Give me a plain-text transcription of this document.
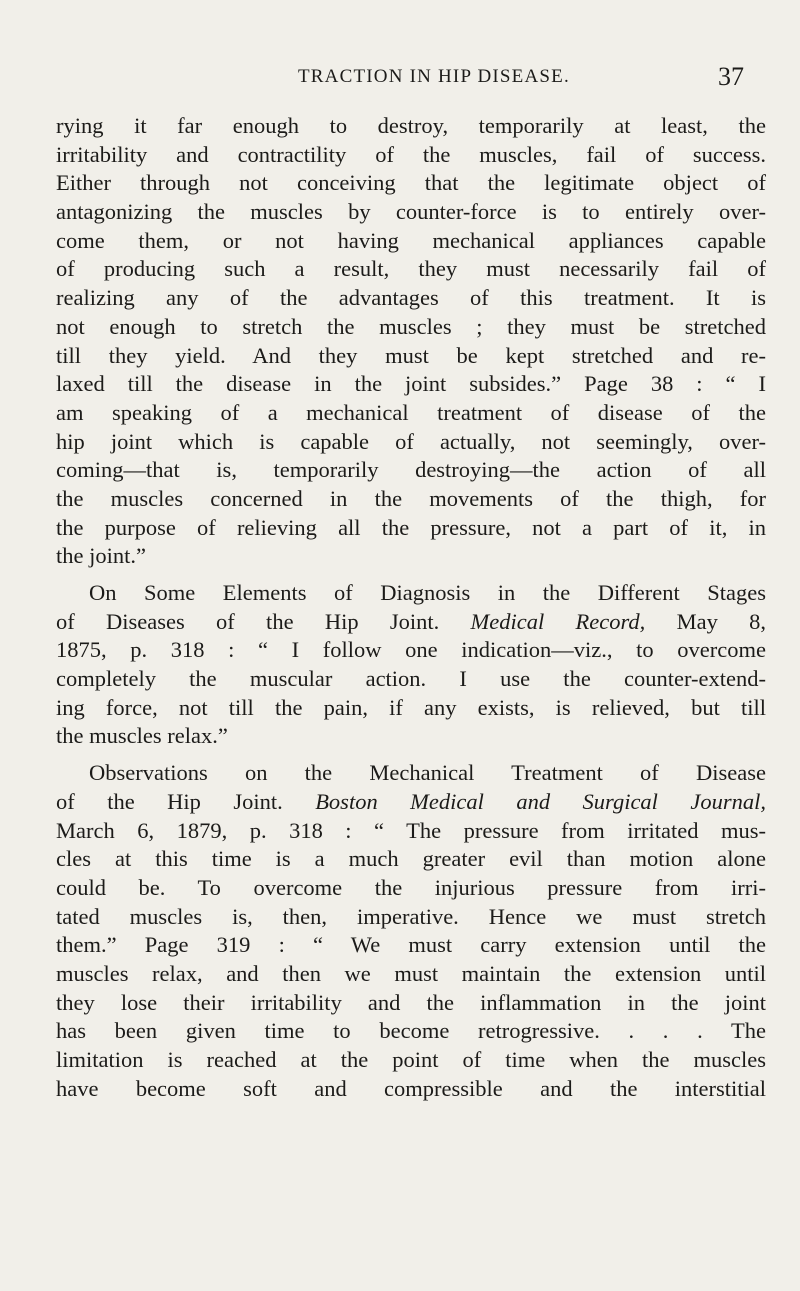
TRACTION IN HIP DISEASE.	37
rying it far enough to destroy, temporarily at least, the
irritability and contractility of the muscles, fail of success.
Either through not conceiving that the legitimate object of
antagonizing the muscles by counter-force is to entirely over-
come them, or not having mechanical appliances capable
of producing such a result, they must necessarily fail of
realizing any of the advantages of this treatment. It is
not enough to stretch the muscles ; they must be stretched
till they yield. And they must be kept stretched and re-
laxed till the disease in the joint subsides.” Page 38 : “ I
am speaking of a mechanical treatment of disease of the
hip joint which is capable of actually, not seemingly, over-
coming—that is, temporarily destroying—the action of all
the muscles concerned in the movements of the thigh, for
the purpose of relieving all the pressure, not a part of it, in
the joint.”
On Some Elements of Diagnosis in the Different Stages
of Diseases of the Hip Joint. Medical Record, May 8,
1875, p. 318 : “ I follow one indication—viz., to overcome
completely the muscular action. I use the counter-extend-
ing force, not till the pain, if any exists, is relieved, but till
the muscles relax.”
Observations on the Mechanical Treatment of Disease
of the Hip Joint. Boston Medical and Surgical Journal,
March 6, 1879, p. 318 : “ The pressure from irritated mus-
cles at this time is a much greater evil than motion alone
could be. To overcome the injurious pressure from irri-
tated muscles is, then, imperative. Hence we must stretch
them.” Page 319 : “ We must carry extension until the
muscles relax, and then we must maintain the extension until
they lose their irritability and the inflammation in the joint
has been given time to become retrogressive. . . . The
limitation is reached at the point of time when the muscles
have become soft and compressible and the interstitial
